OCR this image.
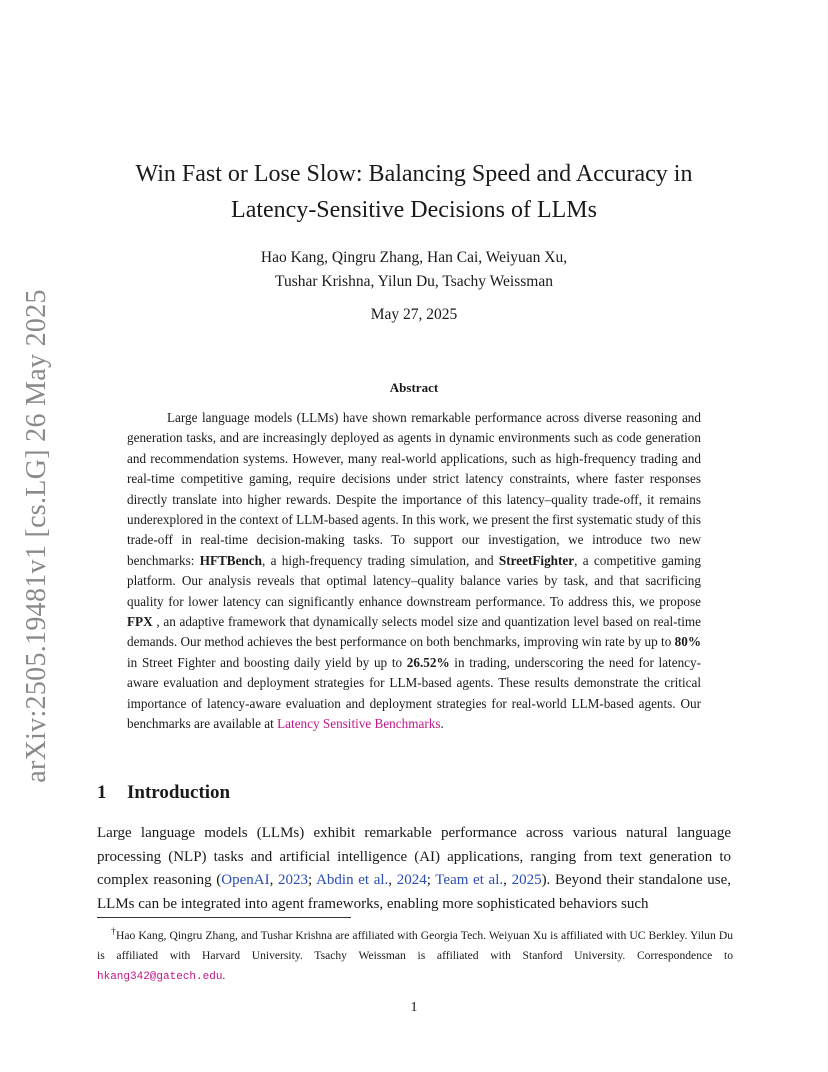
arXiv:2505.19481v1 [cs.LG] 26 May 2025
Win Fast or Lose Slow: Balancing Speed and Accuracy in
Latency-Sensitive Decisions of LLMs
Hao Kang, Qingru Zhang, Han Cai, Weiyuan Xu,
Tushar Krishna, Yilun Du, Tsachy Weissman
May 27, 2025
Abstract

Large language models (LLMs) have shown remarkable performance across diverse reasoning and generation tasks, and are increasingly deployed as agents in dynamic environments such as code generation and recommendation systems. However, many real-world applications, such as high-frequency trading and real-time competitive gaming, require decisions under strict latency constraints, where faster responses directly translate into higher rewards. Despite the importance of this latency–quality trade-off, it remains underexplored in the context of LLM-based agents. In this work, we present the first systematic study of this trade-off in real-time decision-making tasks. To support our investigation, we introduce two new benchmarks: HFTBench, a high-frequency trading simulation, and StreetFighter, a competitive gaming platform. Our analysis reveals that optimal latency–quality balance varies by task, and that sacrificing quality for lower latency can significantly enhance downstream performance. To address this, we propose FPX , an adaptive framework that dynamically selects model size and quantization level based on real-time demands. Our method achieves the best performance on both benchmarks, improving win rate by up to 80% in Street Fighter and boosting daily yield by up to 26.52% in trading, underscoring the need for latency-aware evaluation and deployment strategies for LLM-based agents. These results demonstrate the critical importance of latency-aware evaluation and deployment strategies for real-world LLM-based agents. Our benchmarks are available at Latency Sensitive Benchmarks.

1 Introduction

Large language models (LLMs) exhibit remarkable performance across various natural language processing (NLP) tasks and artificial intelligence (AI) applications, ranging from text generation to complex reasoning (OpenAI, 2023; Abdin et al., 2024; Team et al., 2025). Beyond their standalone use, LLMs can be integrated into agent frameworks, enabling more sophisticated behaviors such

†Hao Kang, Qingru Zhang, and Tushar Krishna are affiliated with Georgia Tech. Weiyuan Xu is affiliated with UC Berkley. Yilun Du is affiliated with Harvard University. Tsachy Weissman is affiliated with Stanford University. Correspondence to hkang342@gatech.edu.

1
